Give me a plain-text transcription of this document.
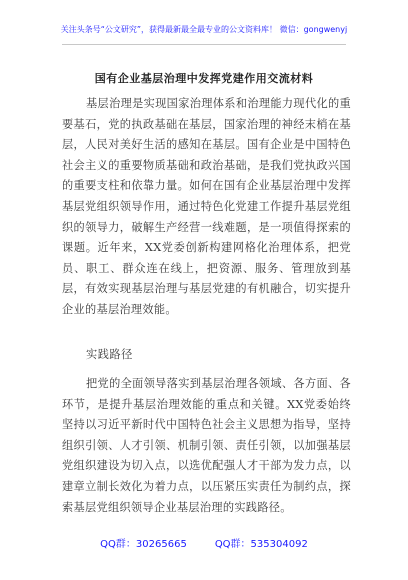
关注头条号“公文研究”，获得最新最全最专业的公文资料库！ 微信：gongwenyj
国有企业基层治理中发挥党建作用交流材料
基层治理是实现国家治理体系和治理能力现代化的重要基石，党的执政基础在基层，国家治理的神经末梢在基层，人民对美好生活的感知在基层。国有企业是中国特色社会主义的重要物质基础和政治基础，是我们党执政兴国的重要支柱和依靠力量。如何在国有企业基层治理中发挥基层党组织领导作用，通过特色化党建工作提升基层党组织的领导力，破解生产经营一线难题，是一项值得探索的课题。近年来，XX党委创新构建网格化治理体系，把党员、职工、群众连在线上，把资源、服务、管理放到基层，有效实现基层治理与基层党建的有机融合，切实提升企业的基层治理效能。
实践路径
把党的全面领导落实到基层治理各领域、各方面、各环节，是提升基层治理效能的重点和关键。XX党委始终坚持以习近平新时代中国特色社会主义思想为指导，坚持组织引领、人才引领、机制引领、责任引领，以加强基层党组织建设为切入点，以选优配强人才干部为发力点，以建章立制长效化为着力点，以压紧压实责任为制约点，探索基层党组织领导企业基层治理的实践路径。
QQ群：30265665	QQ群：535304092
